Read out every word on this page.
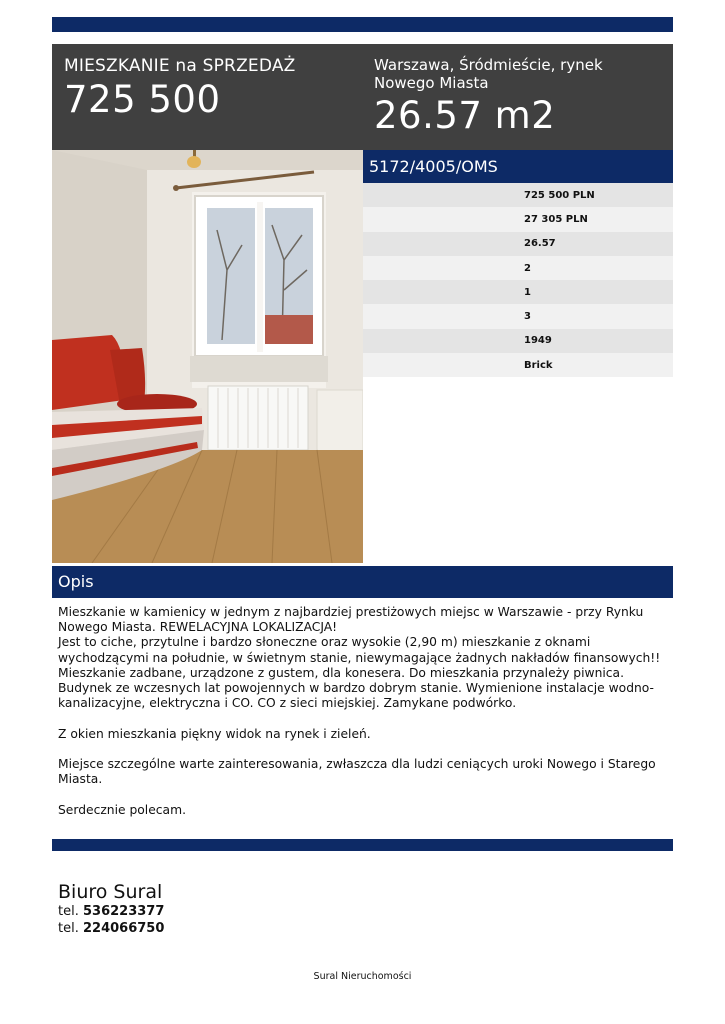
MIESZKANIE na SPRZEDAŻ
725 500
Warszawa, Śródmieście, rynek Nowego Miasta
26.57 m2
5172/4005/OMS
725 500 PLN
27 305 PLN
26.57
2
1
3
1949
Brick
Opis

Mieszkanie w kamienicy w jednym z najbardziej prestiżowych miejsc w Warszawie - przy Rynku Nowego Miasta. REWELACYJNA LOKALIZACJA!
Jest to ciche, przytulne i bardzo słoneczne oraz wysokie (2,90 m) mieszkanie z oknami wychodzącymi na południe, w świetnym stanie, niewymagające żadnych nakładów finansowych!! Mieszkanie zadbane, urządzone z gustem, dla konesera. Do mieszkania przynależy piwnica. Budynek ze wczesnych lat powojennych w bardzo dobrym stanie. Wymienione instalacje wodno-kanalizacyjne, elektryczna i CO. CO z sieci miejskiej. Zamykane podwórko.

Z okien mieszkania piękny widok na rynek i zieleń.

Miejsce szczególne warte zainteresowania, zwłaszcza dla ludzi ceniących uroki Nowego i Starego Miasta.

Serdecznie polecam.

Biuro Sural
tel. 536223377
tel. 224066750
Sural Nieruchomości
